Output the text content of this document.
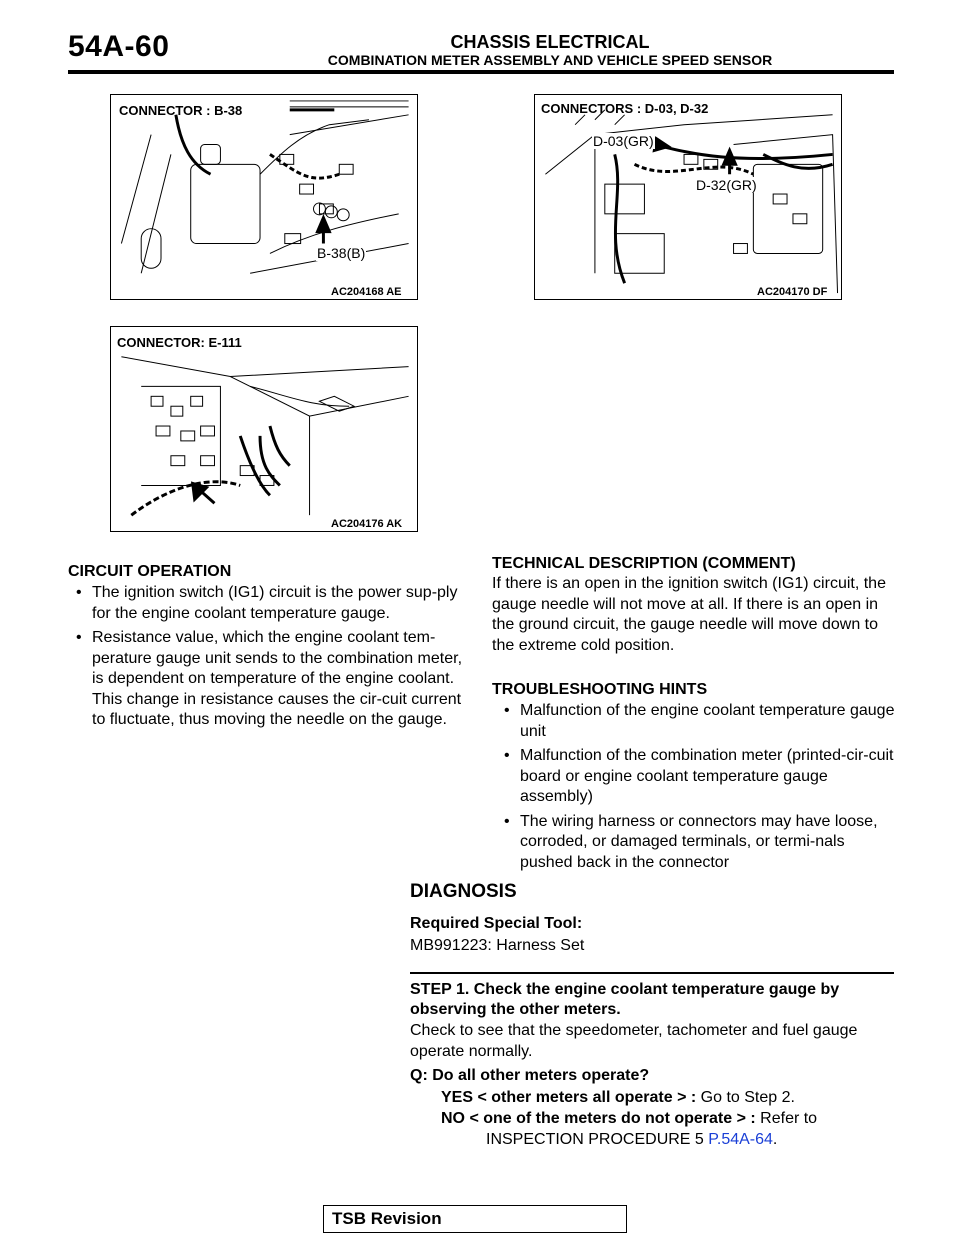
54A-60	CHASSIS ELECTRICAL
COMBINATION METER ASSEMBLY AND VEHICLE SPEED SENSOR
CONNECTOR : B-38
B-38(B)
AC204168 AE
CONNECTORS : D-03, D-32
D-03(GR)
D-32(GR)
AC204170 DF
CONNECTOR: E-111
AC204176 AK
CIRCUIT OPERATION
• The ignition switch (IG1) circuit is the power sup-ply for the engine coolant temperature gauge.
• Resistance value, which the engine coolant tem-perature gauge unit sends to the combination meter, is dependent on temperature of the engine coolant. This change in resistance causes the cir-cuit current to fluctuate, thus moving the needle on the gauge.
TECHNICAL DESCRIPTION (COMMENT)
If there is an open in the ignition switch (IG1) circuit, the gauge needle will not move at all. If there is an open in the ground circuit, the gauge needle will move down to the extreme cold position.
TROUBLESHOOTING HINTS
• Malfunction of the engine coolant temperature gauge unit
• Malfunction of the combination meter (printed-cir-cuit board or engine coolant temperature gauge assembly)
• The wiring harness or connectors may have loose, corroded, or damaged terminals, or termi-nals pushed back in the connector
DIAGNOSIS
Required Special Tool:
MB991223: Harness Set
STEP 1. Check the engine coolant temperature gauge by observing the other meters.
Check to see that the speedometer, tachometer and fuel gauge operate normally.
Q: Do all other meters operate?
YES < other meters all operate > : Go to Step 2.
NO < one of the meters do not operate > : Refer to
INSPECTION PROCEDURE 5 P.54A-64.
TSB Revision
